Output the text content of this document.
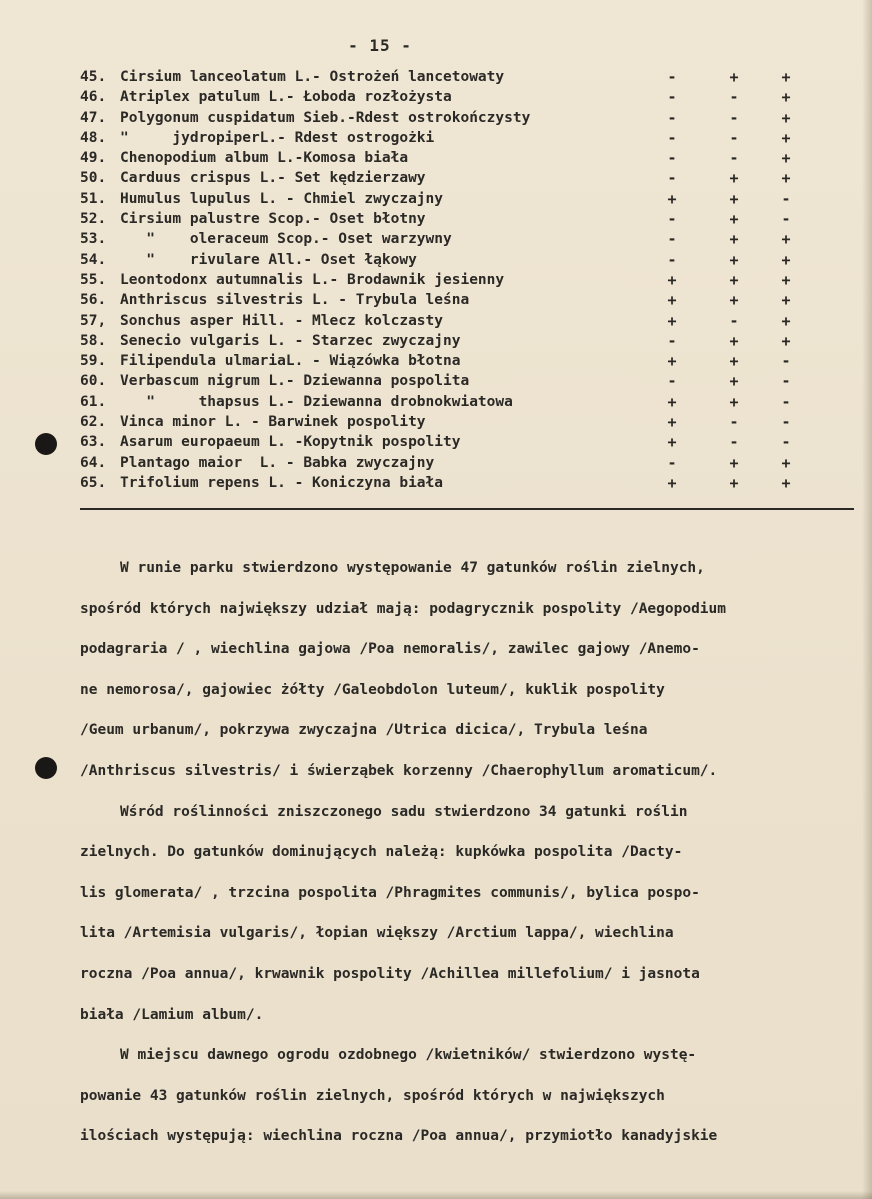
- 15 -
45. Cirsium lanceolatum L.- Ostrożeń lancetowaty	-	+	+
46. Atriplex patulum L.- Łoboda rozłożysta	-	-	+
47. Polygonum cuspidatum Sieb.-Rdest ostrokończysty	-	-	+
48. "     jydropiperL.- Rdest ostrogożki	-	-	+
49. Chenopodium album L.-Komosa biała	-	-	+
50. Carduus crispus L.- Set kędzierzawy	-	+	+
51. Humulus lupulus L. - Chmiel zwyczajny	+	+	-
52. Cirsium palustre Scop.- Oset błotny	-	+	-
53. "    oleraceum Scop.- Oset warzywny	-	+	+
54. "    rivulare All.- Oset łąkowy	-	+	+
55. Leontodonx autumnalis L.- Brodawnik jesienny	+	+	+
56. Anthriscus silvestris L. - Trybula leśna	+	+	+
57, Sonchus asper Hill. - Mlecz kolczasty	+	-	+
58. Senecio vulgaris L. - Starzec zwyczajny	-	+	+
59. Filipendula ulmariaL. - Wiązówka błotna	+	+	-
60. Verbascum nigrum L.- Dziewanna pospolita	-	+	-
61. "     thapsus L.- Dziewanna drobnokwiatowa	+	+	-
62. Vinca minor L. - Barwinek pospolity	+	-	-
63. Asarum europaeum L. -Kopytnik pospolity	+	-	-
64. Plantago maior  L. - Babka zwyczajny	-	+	+
65. Trifolium repens L. - Koniczyna biała	+	+	+
W runie parku stwierdzono występowanie 47 gatunków roślin zielnych,
spośród których największy udział mają: podagrycznik pospolity /Aegopodium
podagraria / , wiechlina gajowa /Poa nemoralis/, zawilec gajowy /Anemo-
ne nemorosa/, gajowiec żółty /Galeobdolon luteum/, kuklik pospolity
/Geum urbanum/, pokrzywa zwyczajna /Utrica dicica/, Trybula leśna
/Anthriscus silvestris/ i świerząbek korzenny /Chaerophyllum aromaticum/.
Wśród roślinności zniszczonego sadu stwierdzono 34 gatunki roślin
zielnych. Do gatunków dominujących należą: kupkówka pospolita /Dacty-
lis glomerata/ , trzcina pospolita /Phragmites communis/, bylica pospo-
lita /Artemisia vulgaris/, łopian większy /Arctium lappa/, wiechlina
roczna /Poa annua/, krwawnik pospolity /Achillea millefolium/ i jasnota
biała /Lamium album/.
W miejscu dawnego ogrodu ozdobnego /kwietników/ stwierdzono wystę-
powanie 43 gatunków roślin zielnych, spośród których w największych
ilościach występują: wiechlina roczna /Poa annua/, przymiotło kanadyjskie
